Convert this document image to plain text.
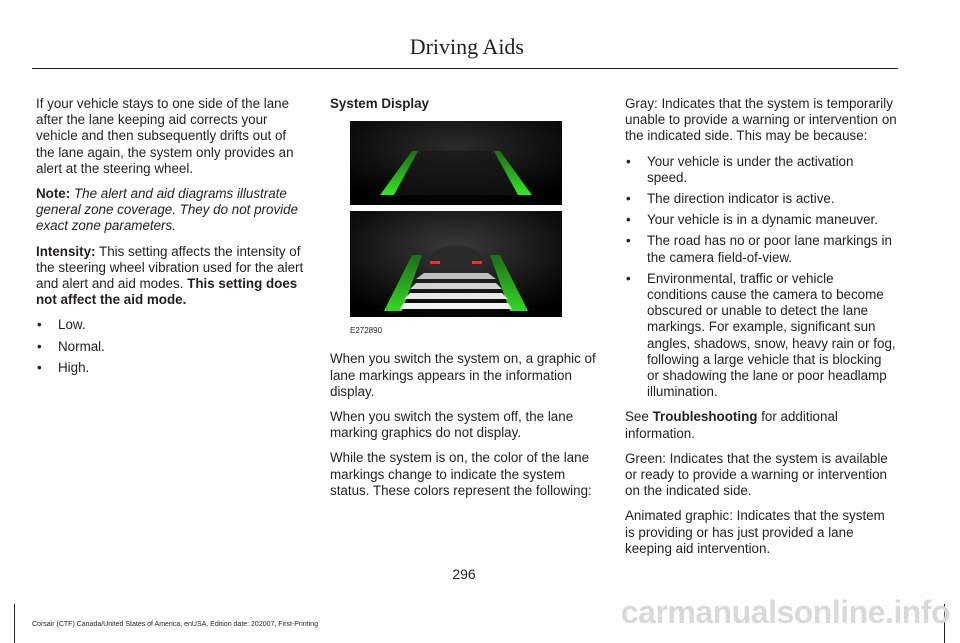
Driving Aids

If your vehicle stays to one side of the lane after the lane keeping aid corrects your vehicle and then subsequently drifts out of the lane again, the system only provides an alert at the steering wheel.

Note: The alert and aid diagrams illustrate general zone coverage. They do not provide exact zone parameters.

Intensity: This setting affects the intensity of the steering wheel vibration used for the alert and alert and aid modes. This setting does not affect the aid mode.

• Low.
• Normal.
• High.

System Display

E272890

When you switch the system on, a graphic of lane markings appears in the information display.

When you switch the system off, the lane marking graphics do not display.

While the system is on, the color of the lane markings change to indicate the system status. These colors represent the following:

Gray: Indicates that the system is temporarily unable to provide a warning or intervention on the indicated side. This may be because:

• Your vehicle is under the activation speed.
• The direction indicator is active.
• Your vehicle is in a dynamic maneuver.
• The road has no or poor lane markings in the camera field-of-view.
• Environmental, traffic or vehicle conditions cause the camera to become obscured or unable to detect the lane markings. For example, significant sun angles, shadows, snow, heavy rain or fog, following a large vehicle that is blocking or shadowing the lane or poor headlamp illumination.

See Troubleshooting for additional information.

Green: Indicates that the system is available or ready to provide a warning or intervention on the indicated side.

Animated graphic: Indicates that the system is providing or has just provided a lane keeping aid intervention.

296
Corsair (CTF) Canada/United States of America, enUSA, Edition date: 202007, First-Printing	carmanualsonline.info
